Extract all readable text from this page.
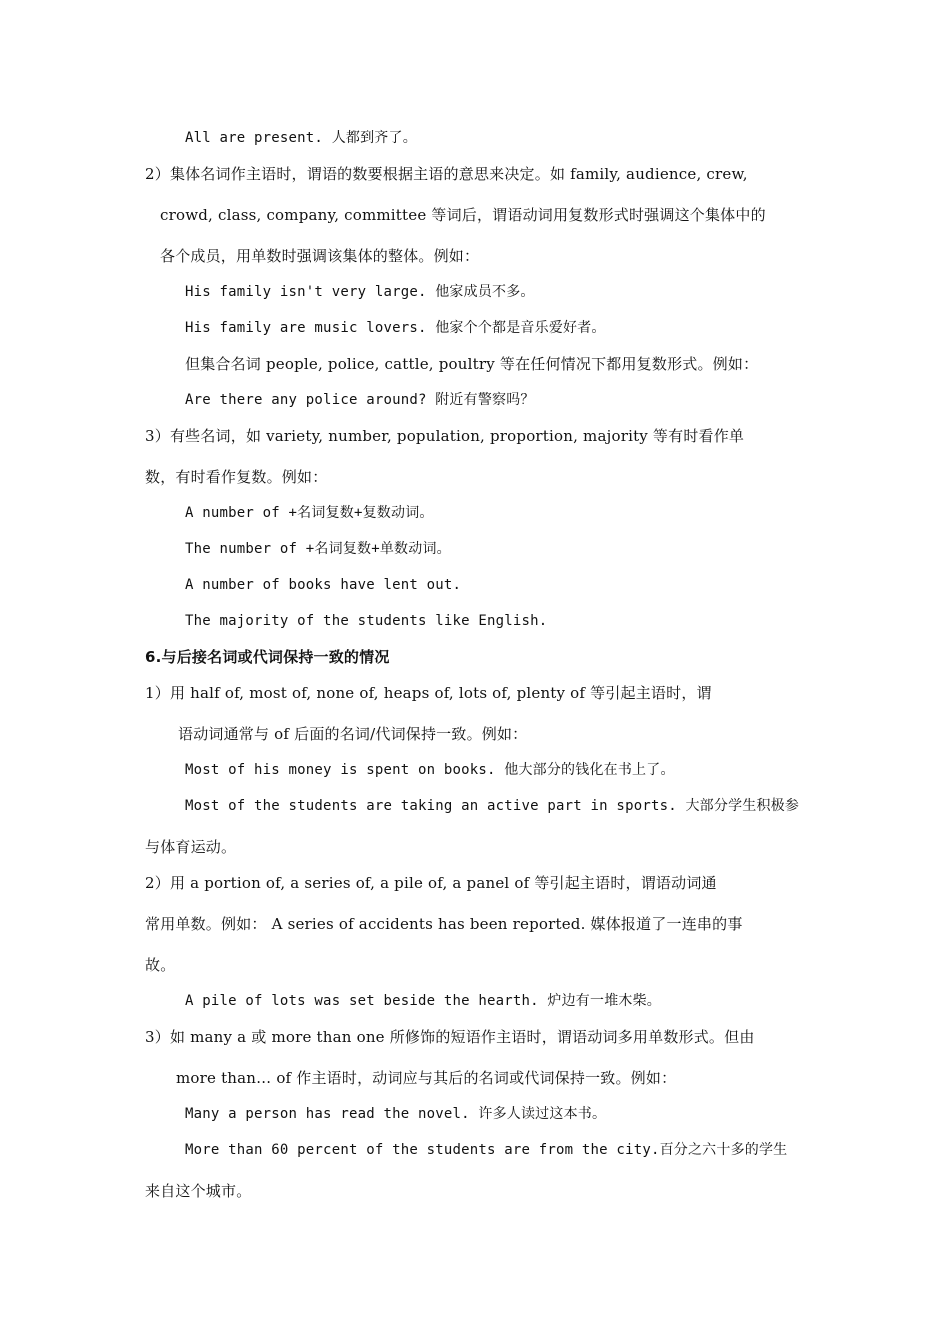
All are present. 人都到齐了。
2）集体名词作主语时，谓语的数要根据主语的意思来决定。如 family, audience, crew,
crowd, class, company, committee 等词后，谓语动词用复数形式时强调这个集体中的
各个成员，用单数时强调该集体的整体。例如：
His family isn't very large. 他家成员不多。
His family are music lovers. 他家个个都是音乐爱好者。
但集合名词 people, police, cattle, poultry 等在任何情况下都用复数形式。例如：
Are there any police around? 附近有警察吗？
3）有些名词，如 variety, number, population, proportion, majority 等有时看作单
数，有时看作复数。例如：
A number of +名词复数+复数动词。
The number of +名词复数+单数动词。
A number of books have lent out.
The majority of the students like English.
6.与后接名词或代词保持一致的情况
1）用 half of, most of, none of, heaps of, lots of, plenty of 等引起主语时，谓
语动词通常与 of 后面的名词/代词保持一致。例如：
Most of his money is spent on books. 他大部分的钱化在书上了。
Most of the students are taking an active part in sports. 大部分学生积极参
与体育运动。
2）用 a portion of, a series of, a pile of, a panel of 等引起主语时，谓语动词通
常用单数。例如： A series of accidents has been reported. 媒体报道了一连串的事
故。
A pile of lots was set beside the hearth. 炉边有一堆木柴。
3）如 many a 或 more than one 所修饰的短语作主语时，谓语动词多用单数形式。但由
more than… of 作主语时，动词应与其后的名词或代词保持一致。例如：
Many a person has read the novel. 许多人读过这本书。
More than 60 percent of the students are from the city.百分之六十多的学生
来自这个城市。
